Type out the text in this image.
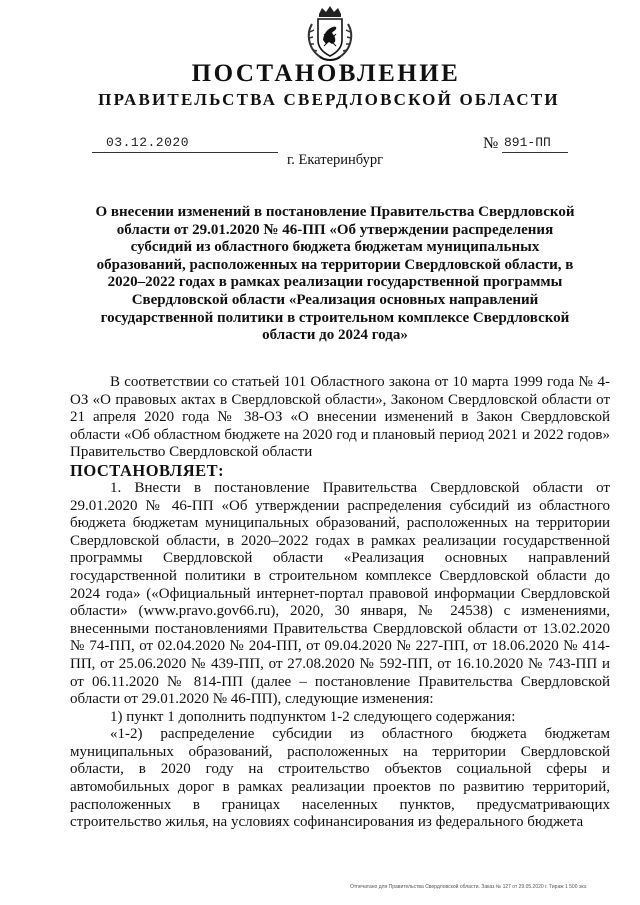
ПОСТАНОВЛЕНИЕ
ПРАВИТЕЛЬСТВА СВЕРДЛОВСКОЙ ОБЛАСТИ
03.12.2020	№ 891-ПП
г. Екатеринбург

О внесении изменений в постановление Правительства Свердловской области от 29.01.2020 № 46-ПП «Об утверждении распределения субсидий из областного бюджета бюджетам муниципальных образований, расположенных на территории Свердловской области, в 2020–2022 годах в рамках реализации государственной программы Свердловской области «Реализация основных направлений государственной политики в строительном комплексе Свердловской области до 2024 года»

В соответствии со статьей 101 Областного закона от 10 марта 1999 года № 4-ОЗ «О правовых актах в Свердловской области», Законом Свердловской области от 21 апреля 2020 года № 38-ОЗ «О внесении изменений в Закон Свердловской области «Об областном бюджете на 2020 год и плановый период 2021 и 2022 годов» Правительство Свердловской области

ПОСТАНОВЛЯЕТ:

1. Внести в постановление Правительства Свердловской области от 29.01.2020 № 46-ПП «Об утверждении распределения субсидий из областного бюджета бюджетам муниципальных образований, расположенных на территории Свердловской области, в 2020–2022 годах в рамках реализации государственной программы Свердловской области «Реализация основных направлений государственной политики в строительном комплексе Свердловской области до 2024 года» («Официальный интернет-портал правовой информации Свердловской области» (www.pravo.gov66.ru), 2020, 30 января, № 24538) с изменениями, внесенными постановлениями Правительства Свердловской области от 13.02.2020 № 74-ПП, от 02.04.2020 № 204-ПП, от 09.04.2020 № 227-ПП, от 18.06.2020 № 414-ПП, от 25.06.2020 № 439-ПП, от 27.08.2020 № 592-ПП, от 16.10.2020 № 743-ПП и от 06.11.2020 № 814-ПП (далее – постановление Правительства Свердловской области от 29.01.2020 № 46-ПП), следующие изменения:

1) пункт 1 дополнить подпунктом 1-2 следующего содержания:

«1-2) распределение субсидии из областного бюджета бюджетам муниципальных образований, расположенных на территории Свердловской области, в 2020 году на строительство объектов социальной сферы и автомобильных дорог в рамках реализации проектов по развитию территорий, расположенных в границах населенных пунктов, предусматривающих строительство жилья, на условиях софинансирования из федерального бюджета

Отпечатано для Правительства Свердловской области. Заказ № 127 от 29.05.2020 г. Тираж 1 500 экз.
